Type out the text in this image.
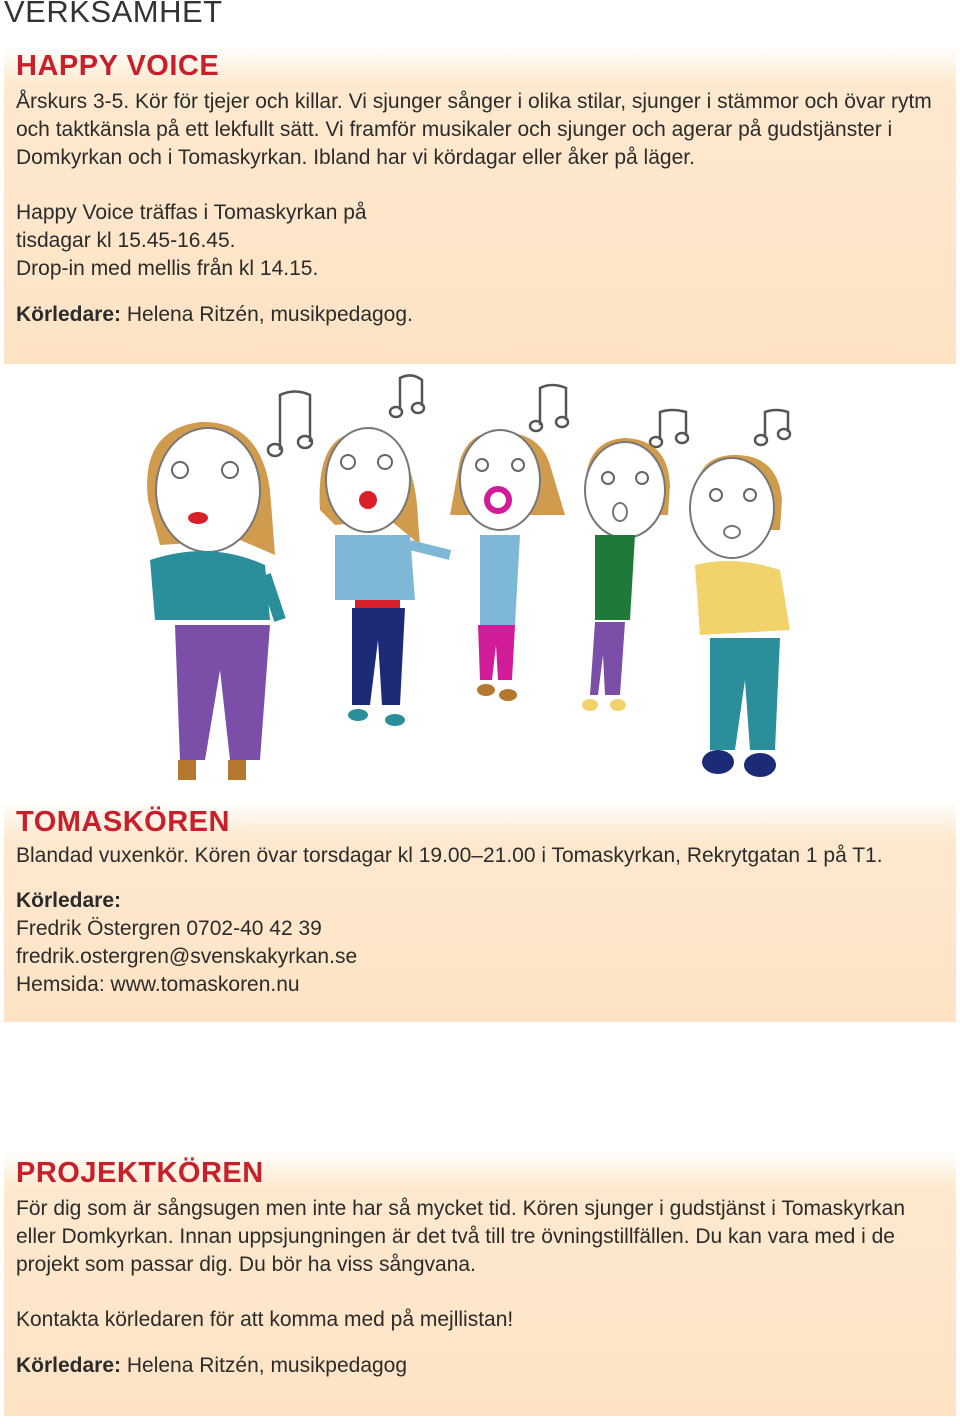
VERKSAMHET
HAPPY VOICE

Årskurs 3-5. Kör för tjejer och killar. Vi sjunger sånger i olika stilar, sjunger i stämmor och övar rytm och taktkänsla på ett lekfullt sätt. Vi framför musikaler och sjunger och agerar på gudstjänster i Domkyrkan och i Tomaskyrkan. Ibland har vi kördagar eller åker på läger.

Happy Voice träffas i Tomaskyrkan på
tisdagar kl 15.45-16.45.
Drop-in med mellis från kl 14.15.

Körledare: Helena Ritzén, musikpedagog.

TOMASKÖREN

Blandad vuxenkör. Kören övar torsdagar kl 19.00–21.00 i Tomaskyrkan, Rekrytgatan 1 på T1.

Körledare:
Fredrik Östergren 0702-40 42 39
fredrik.ostergren@svenskakyrkan.se
Hemsida: www.tomaskoren.nu

PROJEKTKÖREN

För dig som är sångsugen men inte har så mycket tid. Kören sjunger i gudstjänst i Tomaskyrkan eller Domkyrkan. Innan uppsjungningen är det två till tre övningstillfällen. Du kan vara med i de projekt som passar dig. Du bör ha viss sångvana.

Kontakta körledaren för att komma med på mejllistan!

Körledare: Helena Ritzén, musikpedagog
